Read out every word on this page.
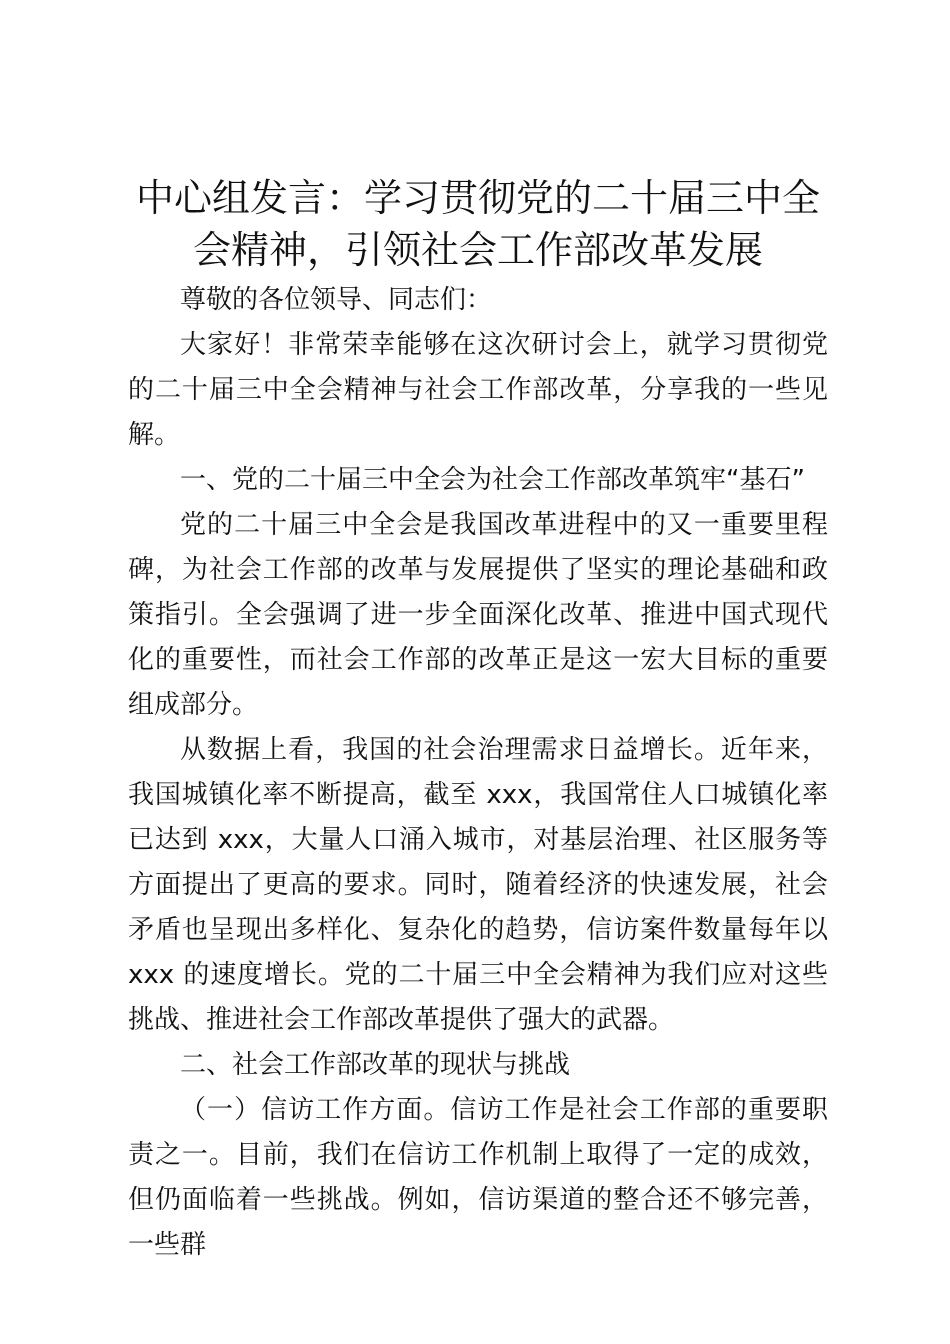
中心组发言：学习贯彻党的二十届三中全会精神，引领社会工作部改革发展

尊敬的各位领导、同志们：

大家好！非常荣幸能够在这次研讨会上，就学习贯彻党的二十届三中全会精神与社会工作部改革，分享我的一些见解。

一、党的二十届三中全会为社会工作部改革筑牢“基石”

党的二十届三中全会是我国改革进程中的又一重要里程碑，为社会工作部的改革与发展提供了坚实的理论基础和政策指引。全会强调了进一步全面深化改革、推进中国式现代化的重要性，而社会工作部的改革正是这一宏大目标的重要组成部分。

从数据上看，我国的社会治理需求日益增长。近年来，我国城镇化率不断提高，截至 xxx，我国常住人口城镇化率已达到 xxx，大量人口涌入城市，对基层治理、社区服务等方面提出了更高的要求。同时，随着经济的快速发展，社会矛盾也呈现出多样化、复杂化的趋势，信访案件数量每年以 xxx 的速度增长。党的二十届三中全会精神为我们应对这些挑战、推进社会工作部改革提供了强大的武器。

二、社会工作部改革的现状与挑战

（一）信访工作方面。信访工作是社会工作部的重要职责之一。目前，我们在信访工作机制上取得了一定的成效，但仍面临着一些挑战。例如，信访渠道的整合还不够完善，一些群
